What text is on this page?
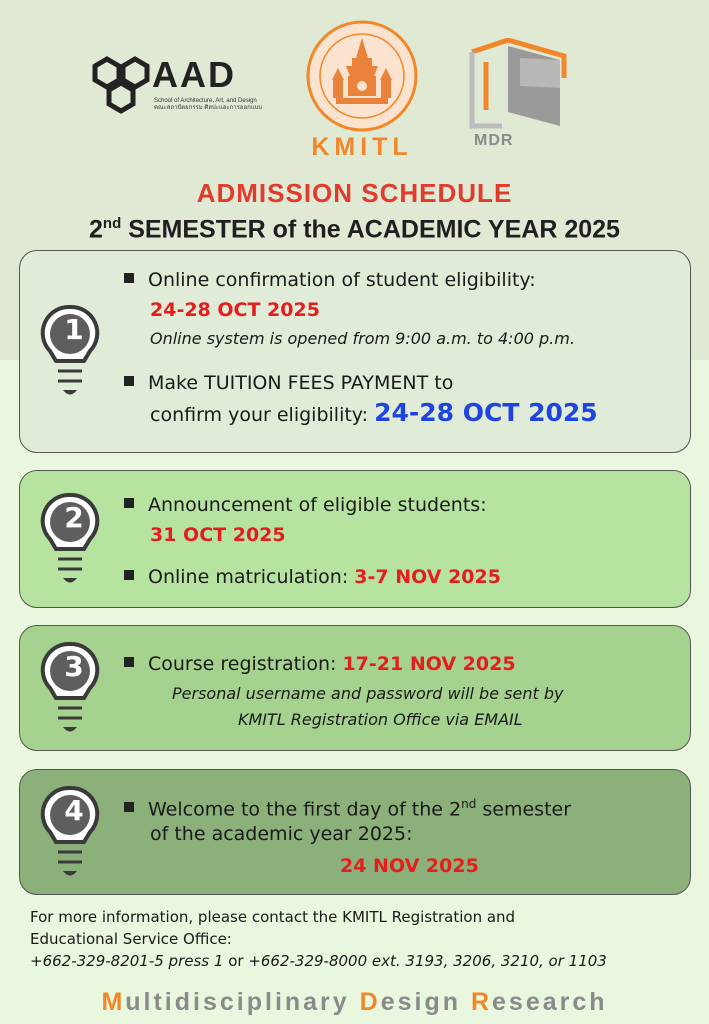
AAD
School of Architecture, Art, and Design
คณะสถาปัตยกรรม ศิลปะและการออกแบบ
KMITL	MDR
ADMISSION SCHEDULE
2nd SEMESTER of the ACADEMIC YEAR 2025
1
Online confirmation of student eligibility:
24-28 OCT 2025
Online system is opened from 9:00 a.m. to 4:00 p.m.
Make TUITION FEES PAYMENT to
confirm your eligibility: 24-28 OCT 2025
2	Announcement of eligible students:
31 OCT 2025
Online matriculation: 3-7 NOV 2025
3	Course registration: 17-21 NOV 2025
Personal username and password will be sent by
KMITL Registration Office via EMAIL
4	Welcome to the first day of the 2nd semester
of the academic year 2025:
24 NOV 2025
For more information, please contact the KMITL Registration and
Educational Service Office:
+662-329-8201-5 press 1 or +662-329-8000 ext. 3193, 3206, 3210, or 1103
Multidisciplinary Design Research
